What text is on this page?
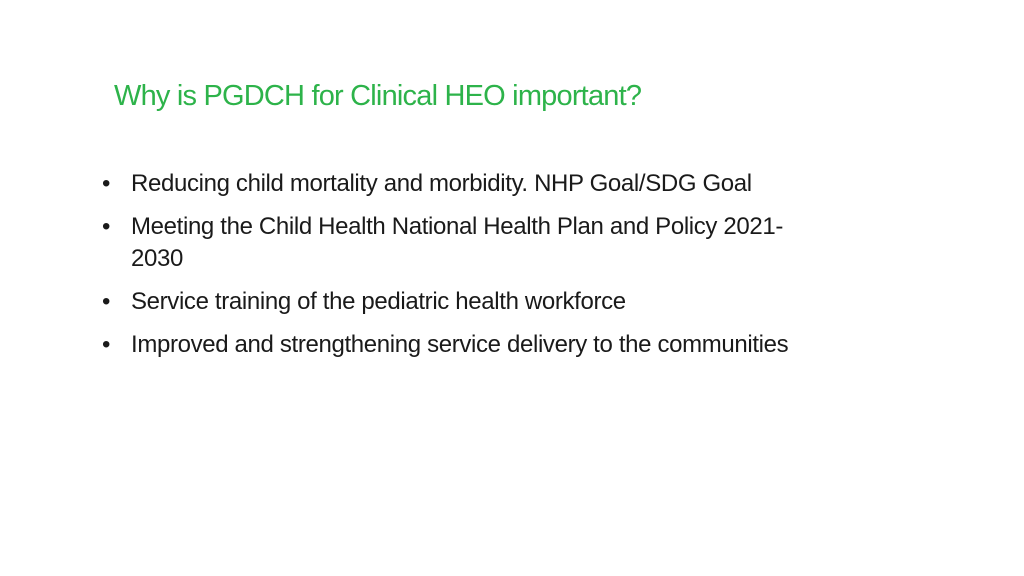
Why is PGDCH for Clinical HEO important?
• Reducing child mortality and morbidity. NHP Goal/SDG Goal
• Meeting the Child Health National Health Plan and Policy 2021-
2030
• Service training of the pediatric health workforce
• Improved and strengthening service delivery to the communities
